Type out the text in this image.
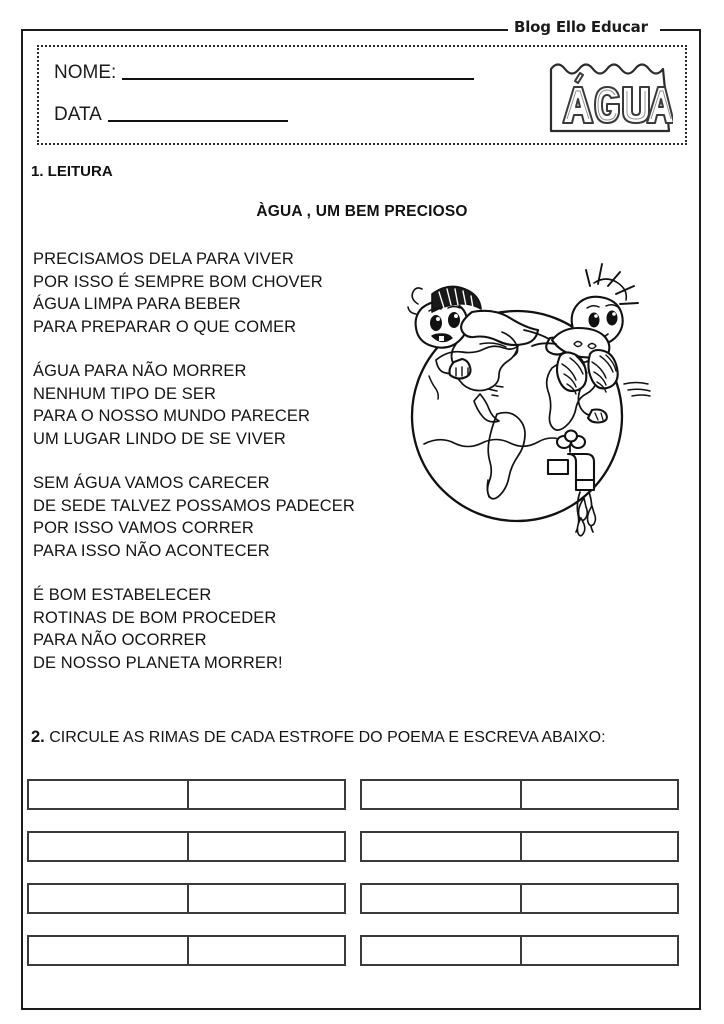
Blog Ello Educar
NOME:
DATA
1. LEITURA
ÀGUA , UM BEM PRECIOSO
PRECISAMOS DELA PARA VIVER
POR ISSO É SEMPRE BOM CHOVER
ÁGUA LIMPA PARA BEBER
PARA PREPARAR O QUE COMER
ÁGUA PARA NÃO MORRER
NENHUM TIPO DE SER
PARA O NOSSO MUNDO PARECER
UM LUGAR LINDO DE SE VIVER
SEM ÁGUA VAMOS CARECER
DE SEDE TALVEZ POSSAMOS PADECER
POR ISSO VAMOS CORRER
PARA ISSO NÃO ACONTECER
É BOM ESTABELECER
ROTINAS DE BOM PROCEDER
PARA NÃO OCORRER
DE NOSSO PLANETA MORRER!
2. CIRCULE AS RIMAS DE CADA ESTROFE DO POEMA E ESCREVA ABAIXO:
